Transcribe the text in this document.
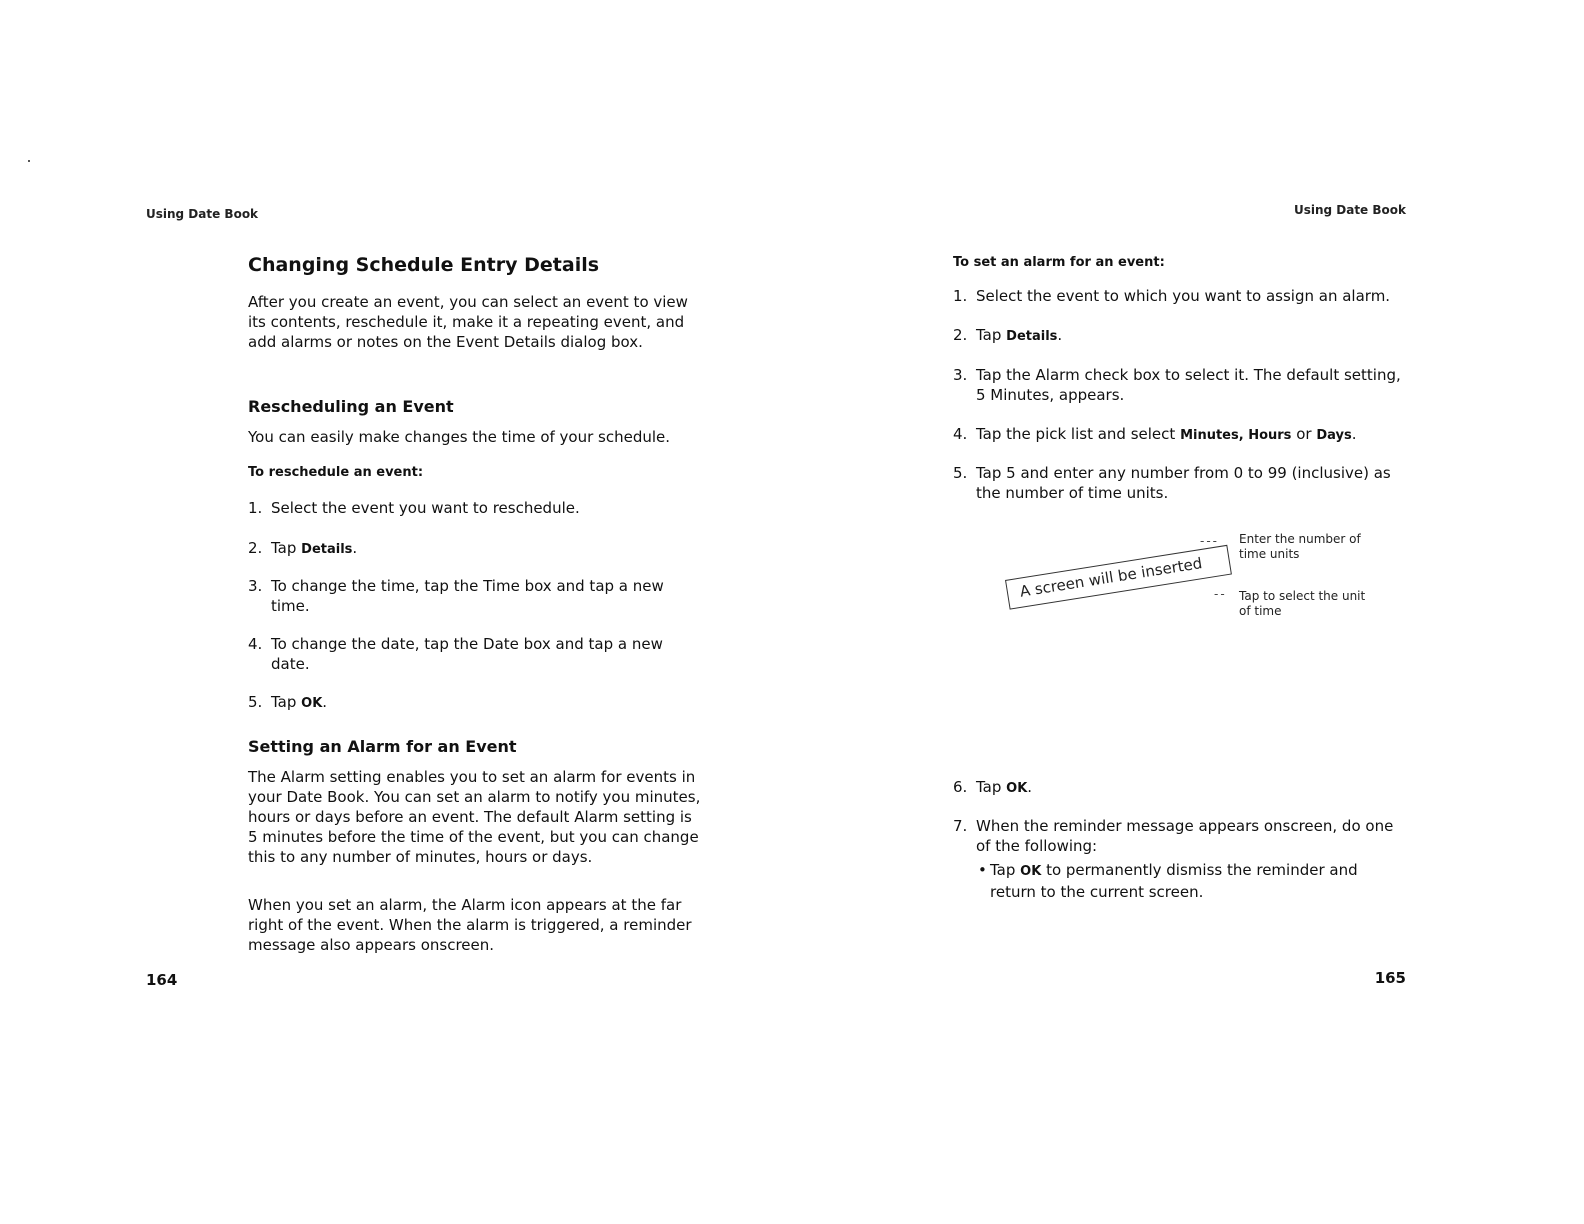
Using Date Book
Changing Schedule Entry Details

After you create an event, you can select an event to view its contents, reschedule it, make it a repeating event, and add alarms or notes on the Event Details dialog box.

Rescheduling an Event

You can easily make changes the time of your schedule.

To reschedule an event:

1. Select the event you want to reschedule.
2. Tap Details.
3. To change the time, tap the Time box and tap a new time.
4. To change the date, tap the Date box and tap a new date.
5. Tap OK.
Setting an Alarm for an Event

The Alarm setting enables you to set an alarm for events in your Date Book. You can set an alarm to notify you minutes, hours or days before an event. The default Alarm setting is 5 minutes before the time of the event, but you can change this to any number of minutes, hours or days.

When you set an alarm, the Alarm icon appears at the far right of the event. When the alarm is triggered, a reminder message also appears onscreen.

164
Using Date Book

To set an alarm for an event:

1. Select the event to which you want to assign an alarm.
2. Tap Details.
3. Tap the Alarm check box to select it. The default setting, 5 Minutes, appears.
4. Tap the pick list and select Minutes, Hours or Days.
5. Tap 5 and enter any number from 0 to 99 (inclusive) as the number of time units.
--- Enter the number of time units
A screen will be inserted -- Tap to select the unit of time
6. Tap OK.
7. When the reminder message appears onscreen, do one of the following:
• Tap OK to permanently dismiss the reminder and return to the current screen.
165
